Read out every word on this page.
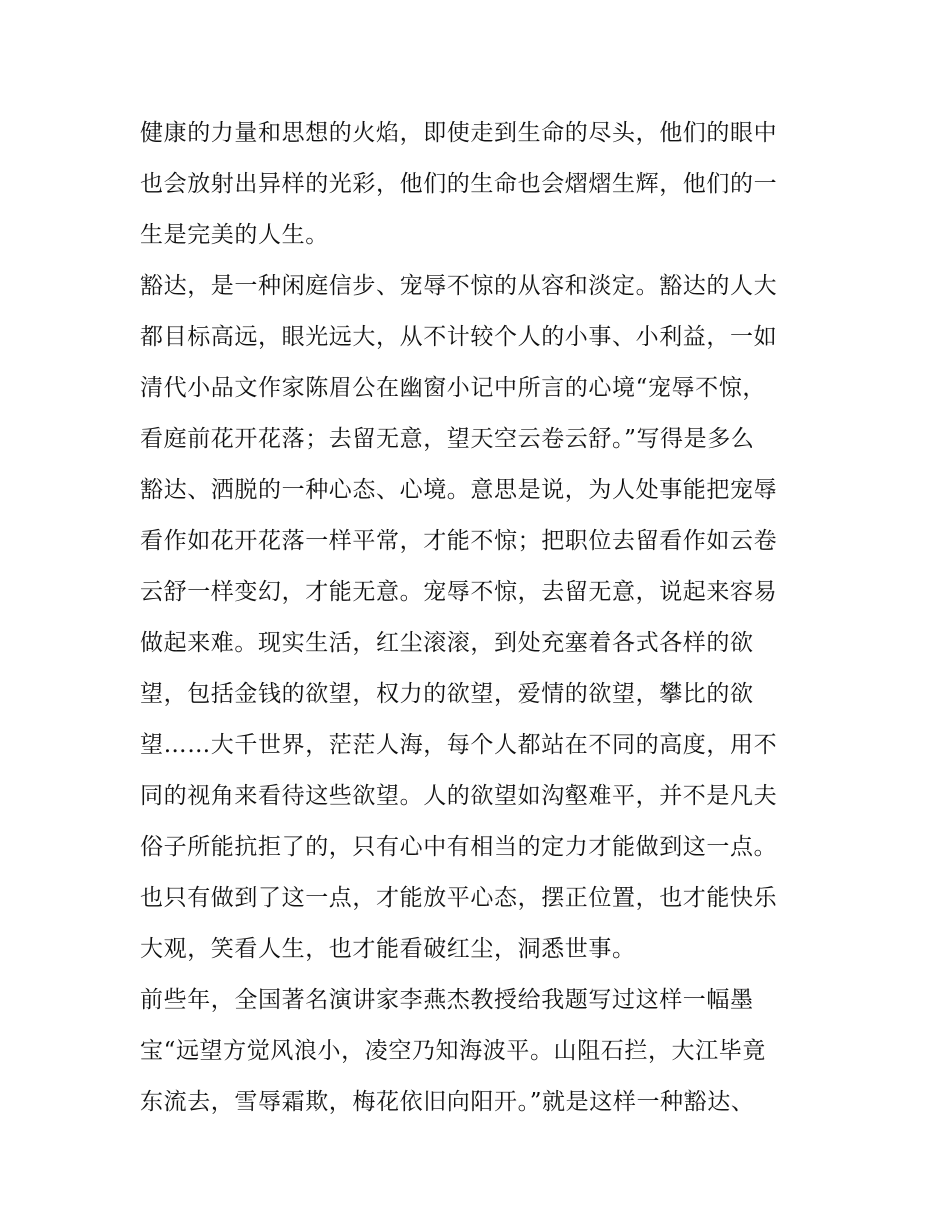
健康的力量和思想的火焰，即使走到生命的尽头，他们的眼中
也会放射出异样的光彩，他们的生命也会熠熠生辉，他们的一
生是完美的人生。
豁达，是一种闲庭信步、宠辱不惊的从容和淡定。豁达的人大
都目标高远，眼光远大，从不计较个人的小事、小利益，一如
清代小品文作家陈眉公在幽窗小记中所言的心境“宠辱不惊，
看庭前花开花落；去留无意，望天空云卷云舒。”写得是多么
豁达、洒脱的一种心态、心境。意思是说，为人处事能把宠辱
看作如花开花落一样平常，才能不惊；把职位去留看作如云卷
云舒一样变幻，才能无意。宠辱不惊，去留无意，说起来容易
做起来难。现实生活，红尘滚滚，到处充塞着各式各样的欲
望，包括金钱的欲望，权力的欲望，爱情的欲望，攀比的欲
望……大千世界，茫茫人海，每个人都站在不同的高度，用不
同的视角来看待这些欲望。人的欲望如沟壑难平，并不是凡夫
俗子所能抗拒了的，只有心中有相当的定力才能做到这一点。
也只有做到了这一点，才能放平心态，摆正位置，也才能快乐
大观，笑看人生，也才能看破红尘，洞悉世事。
前些年，全国著名演讲家李燕杰教授给我题写过这样一幅墨
宝“远望方觉风浪小，凌空乃知海波平。山阻石拦，大江毕竟
东流去，雪辱霜欺，梅花依旧向阳开。”就是这样一种豁达、
